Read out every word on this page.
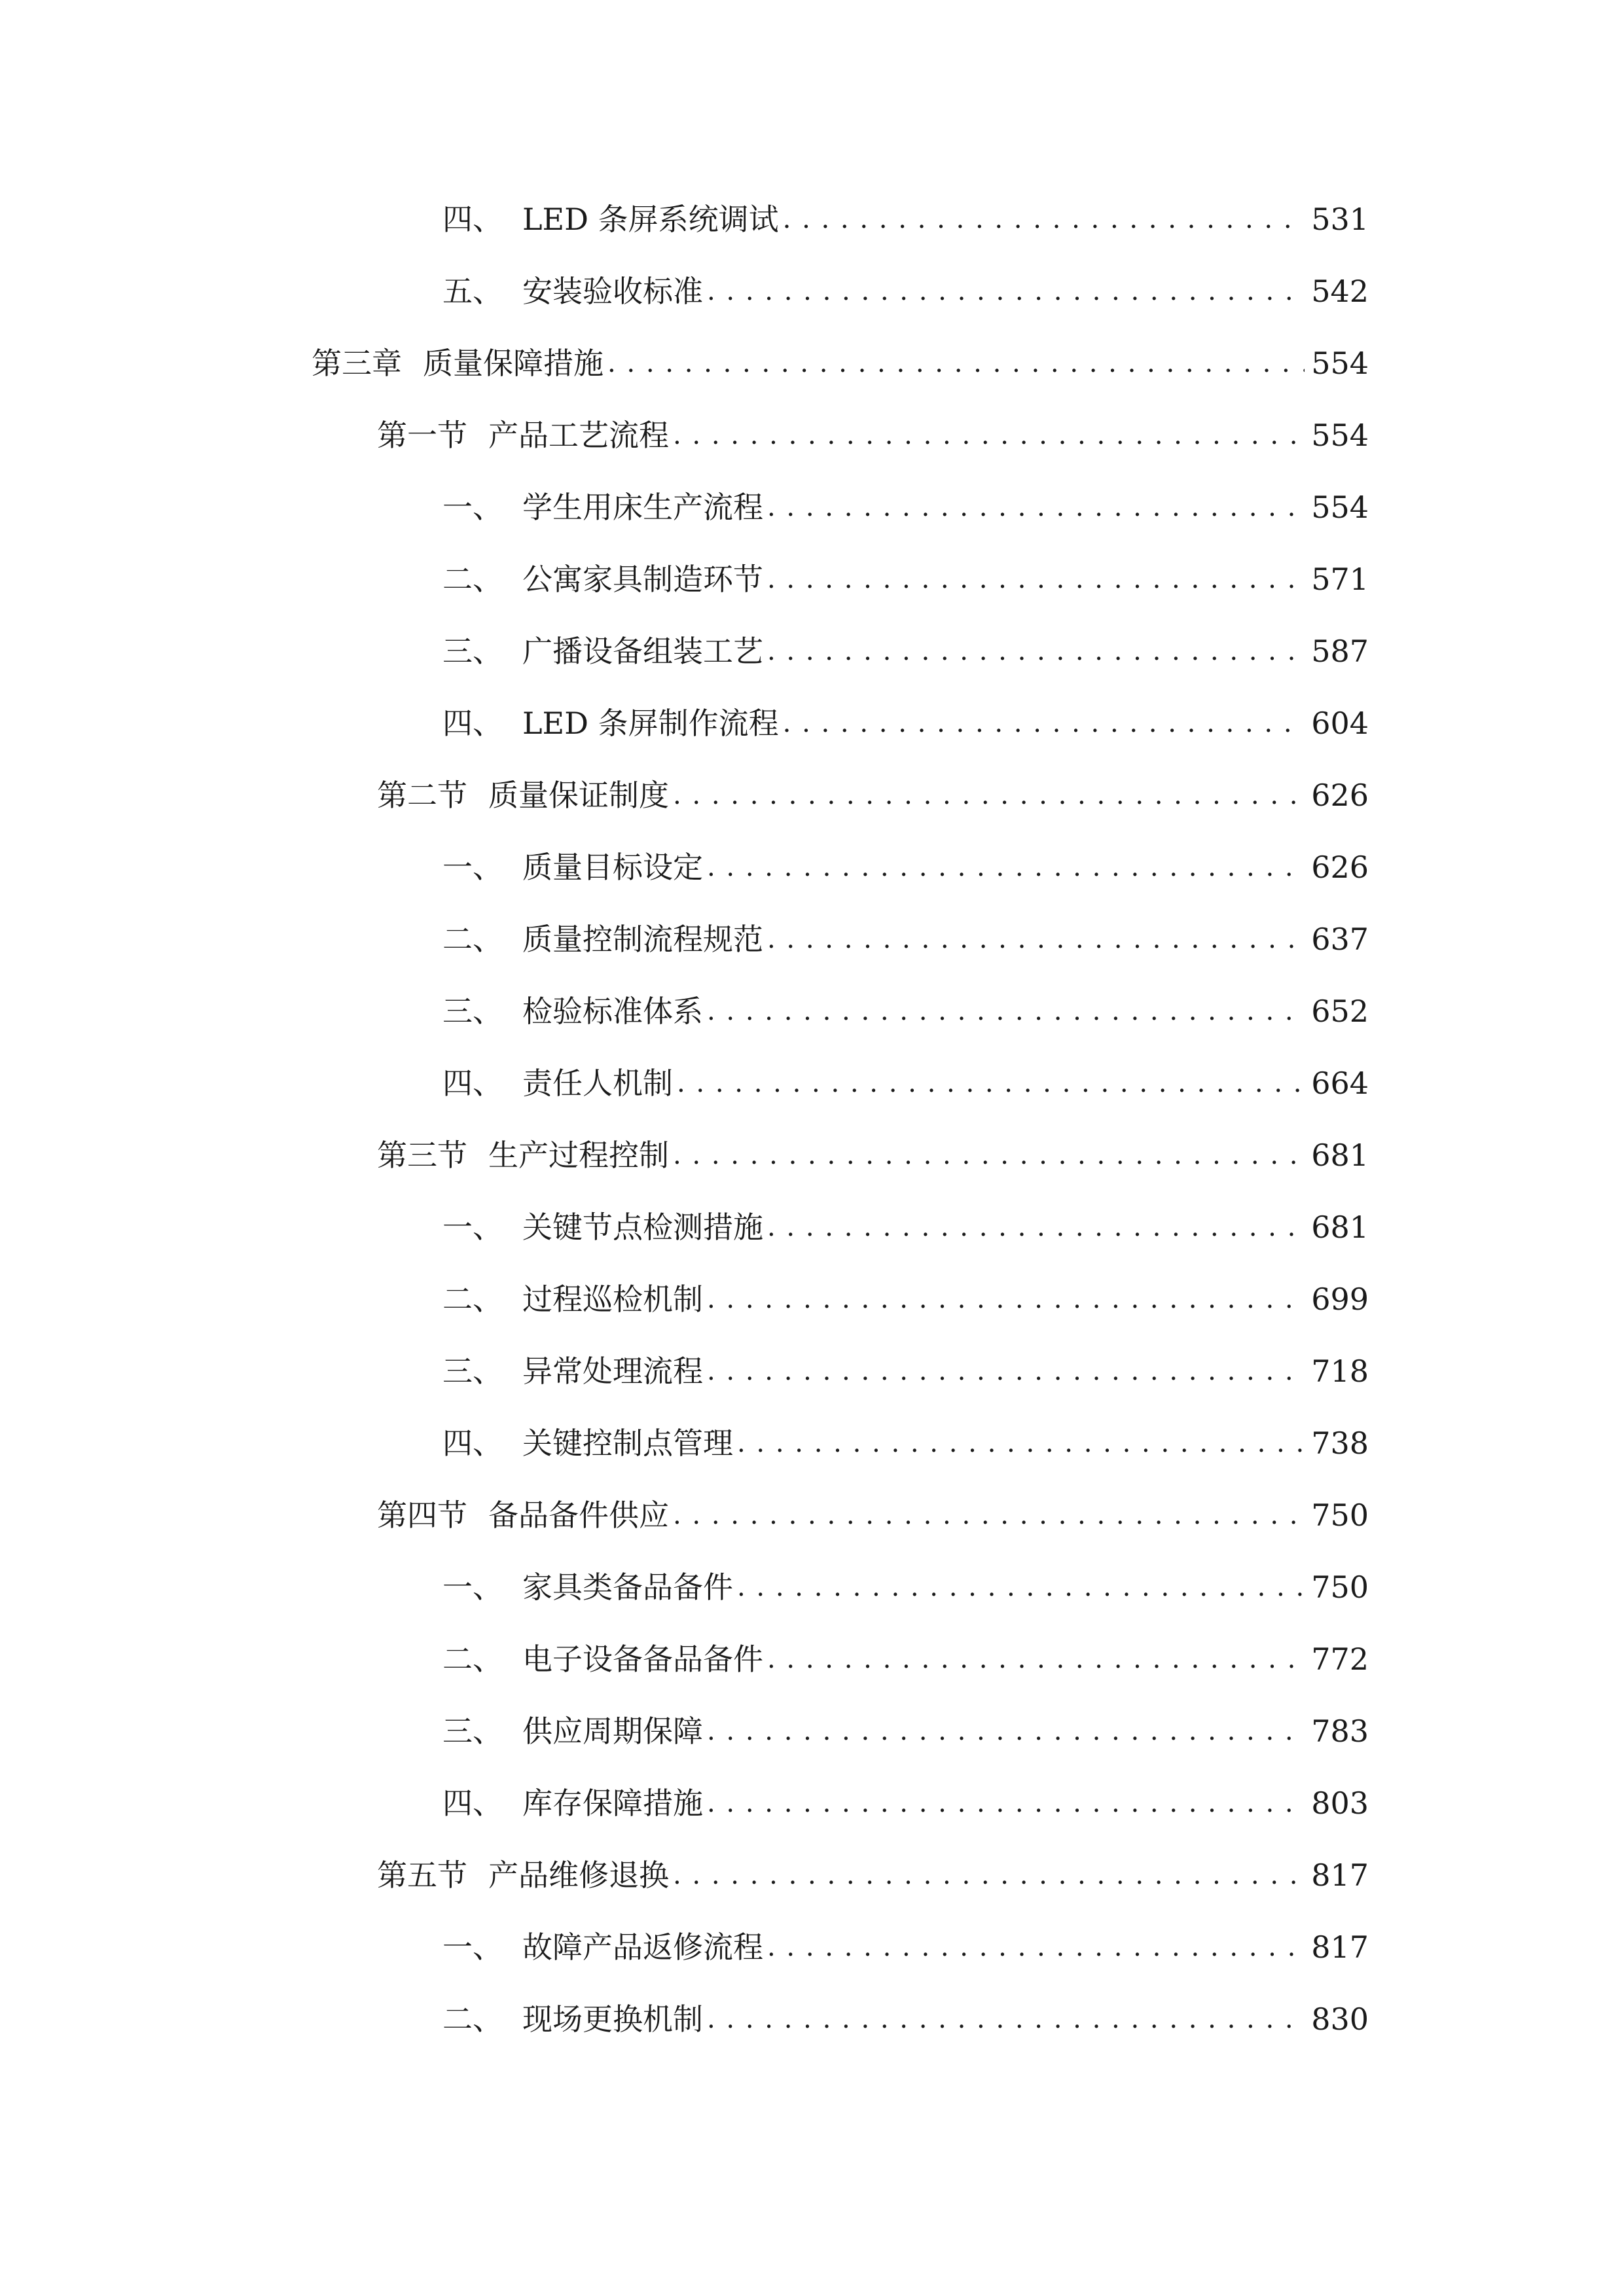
四、 LED 条屏系统调试 . . .	531
五、 安装验收标准 . . .	542
第三章 质量保障措施 . . .	554
第一节 产品工艺流程 . . .	554
一、 学生用床生产流程 . . .	554
二、 公寓家具制造环节 . . .	571
三、 广播设备组装工艺 . . .	587
四、 LED 条屏制作流程 . . .	604
第二节 质量保证制度 . . .	626
一、 质量目标设定 . . .	626
二、 质量控制流程规范 . . .	637
三、 检验标准体系 . . .	652
四、 责任人机制 . . .	664
第三节 生产过程控制 . . .	681
一、 关键节点检测措施 . . .	681
二、 过程巡检机制 . . .	699
三、 异常处理流程 . . .	718
四、 关键控制点管理 . . .	738
第四节 备品备件供应 . . .	750
一、 家具类备品备件 . . .	750
二、 电子设备备品备件 . . .	772
三、 供应周期保障 . . .	783
四、 库存保障措施 . . .	803
第五节 产品维修退换 . . .	817
一、 故障产品返修流程 . . .	817
二、 现场更换机制 . . .	830
